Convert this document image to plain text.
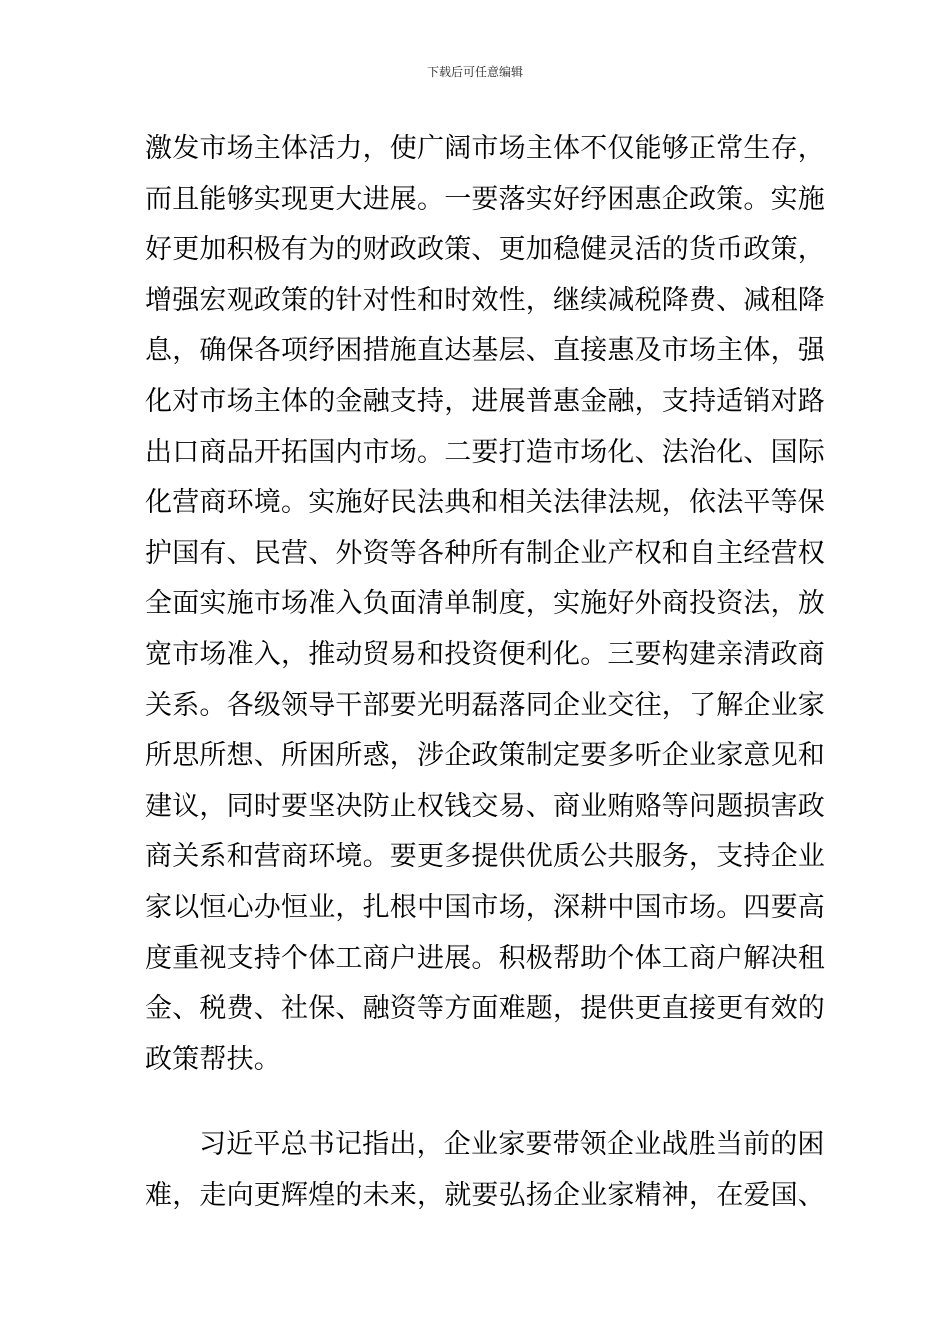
下载后可任意编辑
激发市场主体活力，使广阔市场主体不仅能够正常生存，
而且能够实现更大进展。一要落实好纾困惠企政策。实施
好更加积极有为的财政政策、更加稳健灵活的货币政策，
增强宏观政策的针对性和时效性，继续减税降费、减租降
息，确保各项纾困措施直达基层、直接惠及市场主体，强
化对市场主体的金融支持，进展普惠金融，支持适销对路
出口商品开拓国内市场。二要打造市场化、法治化、国际
化营商环境。实施好民法典和相关法律法规，依法平等保
护国有、民营、外资等各种所有制企业产权和自主经营权
全面实施市场准入负面清单制度，实施好外商投资法，放
宽市场准入，推动贸易和投资便利化。三要构建亲清政商
关系。各级领导干部要光明磊落同企业交往，了解企业家
所思所想、所困所惑，涉企政策制定要多听企业家意见和
建议，同时要坚决防止权钱交易、商业贿赂等问题损害政
商关系和营商环境。要更多提供优质公共服务，支持企业
家以恒心办恒业，扎根中国市场，深耕中国市场。四要高
度重视支持个体工商户进展。积极帮助个体工商户解决租
金、税费、社保、融资等方面难题，提供更直接更有效的
政策帮扶。
习近平总书记指出，企业家要带领企业战胜当前的困
难，走向更辉煌的未来，就要弘扬企业家精神，在爱国、
